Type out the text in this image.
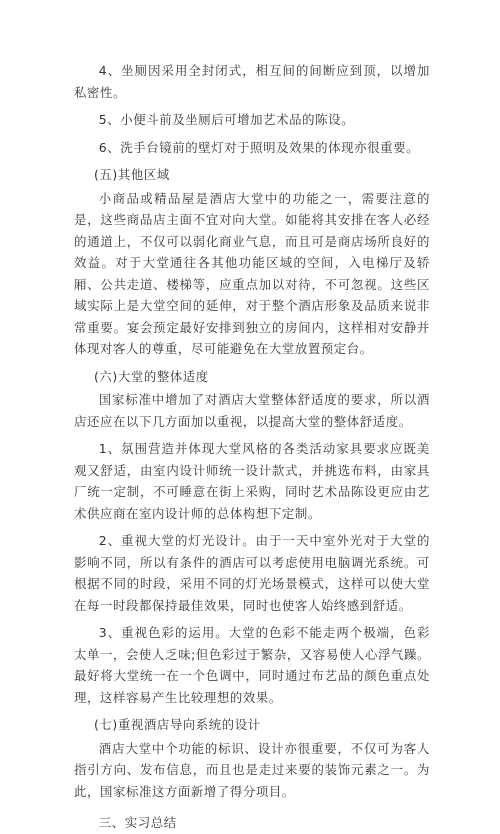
4、坐厕因采用全封闭式，相互间的间断应到顶，以增加私密性。

5、小便斗前及坐厕后可增加艺术品的陈设。

6、洗手台镜前的壁灯对于照明及效果的体现亦很重要。

(五)其他区域

小商品或精品屋是酒店大堂中的功能之一，需要注意的是，这些商品店主面不宜对向大堂。如能将其安排在客人必经的通道上，不仅可以弱化商业气息，而且可是商店场所良好的效益。对于大堂通往各其他功能区域的空间，入电梯厅及轿厢、公共走道、楼梯等，应重点加以对待，不可忽视。这些区域实际上是大堂空间的延伸，对于整个酒店形象及品质来说非常重要。宴会预定最好安排到独立的房间内，这样相对安静并体现对客人的尊重，尽可能避免在大堂放置预定台。

(六)大堂的整体适度

国家标准中增加了对酒店大堂整体舒适度的要求，所以酒店还应在以下几方面加以重视，以提高大堂的整体舒适度。

1、氛围营造并体现大堂风格的各类活动家具要求应既美观又舒适，由室内设计师统一设计款式，并挑选布料，由家具厂统一定制，不可睡意在街上采购，同时艺术品陈设更应由艺术供应商在室内设计师的总体构想下定制。

2、重视大堂的灯光设计。由于一天中室外光对于大堂的影响不同，所以有条件的酒店可以考虑使用电脑调光系统。可根据不同的时段，采用不同的灯光场景模式，这样可以使大堂在每一时段都保持最佳效果，同时也使客人始终感到舒适。

3、重视色彩的运用。大堂的色彩不能走两个极端，色彩太单一，会使人乏味;但色彩过于繁杂，又容易使人心浮气躁。最好将大堂统一在一个色调中，同时通过布艺品的颜色重点处理，这样容易产生比较理想的效果。

(七)重视酒店导向系统的设计

酒店大堂中个功能的标识、设计亦很重要，不仅可为客人指引方向、发布信息，而且也是走过来要的装饰元素之一。为此，国家标准这方面新增了得分项目。

三、实习总结
